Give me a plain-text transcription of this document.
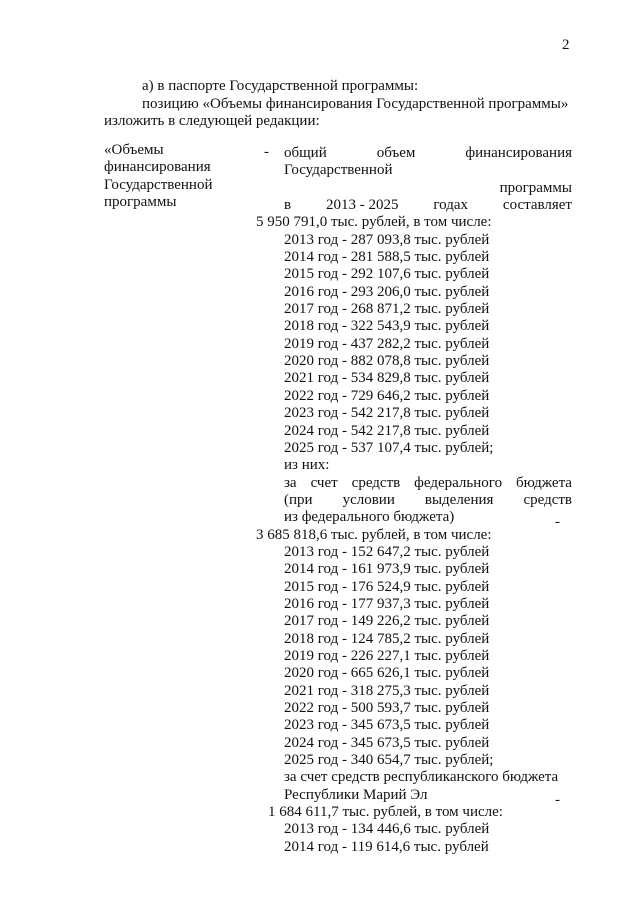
2
а) в паспорте Государственной программы:
позицию «Объемы финансирования Государственной программы»
изложить в следующей редакции:
«Объемы
финансирования
Государственной
программы
- общий	объем	финансирования
Государственной
программы
в 2013 - 2025 годах составляет
5 950 791,0 тыс. рублей, в том числе:
2013 год - 287 093,8 тыс. рублей
2014 год - 281 588,5 тыс. рублей
2015 год - 292 107,6 тыс. рублей
2016 год - 293 206,0 тыс. рублей
2017 год - 268 871,2 тыс. рублей
2018 год - 322 543,9 тыс. рублей
2019 год - 437 282,2 тыс. рублей
2020 год - 882 078,8 тыс. рублей
2021 год - 534 829,8 тыс. рублей
2022 год - 729 646,2 тыс. рублей
2023 год - 542 217,8 тыс. рублей
2024 год - 542 217,8 тыс. рублей
2025 год - 537 107,4 тыс. рублей;
из них:
за счет средств федерального бюджета
(при условии выделения средств
из федерального бюджета)	-
3 685 818,6 тыс. рублей, в том числе:
2013 год - 152 647,2 тыс. рублей
2014 год - 161 973,9 тыс. рублей
2015 год - 176 524,9 тыс. рублей
2016 год - 177 937,3 тыс. рублей
2017 год - 149 226,2 тыс. рублей
2018 год - 124 785,2 тыс. рублей
2019 год - 226 227,1 тыс. рублей
2020 год - 665 626,1 тыс. рублей
2021 год - 318 275,3 тыс. рублей
2022 год - 500 593,7 тыс. рублей
2023 год - 345 673,5 тыс. рублей
2024 год - 345 673,5 тыс. рублей
2025 год - 340 654,7 тыс. рублей;
за счет средств республиканского бюджета
Республики Марий Эл	-
1 684 611,7 тыс. рублей, в том числе:
2013 год - 134 446,6 тыс. рублей
2014 год - 119 614,6 тыс. рублей
